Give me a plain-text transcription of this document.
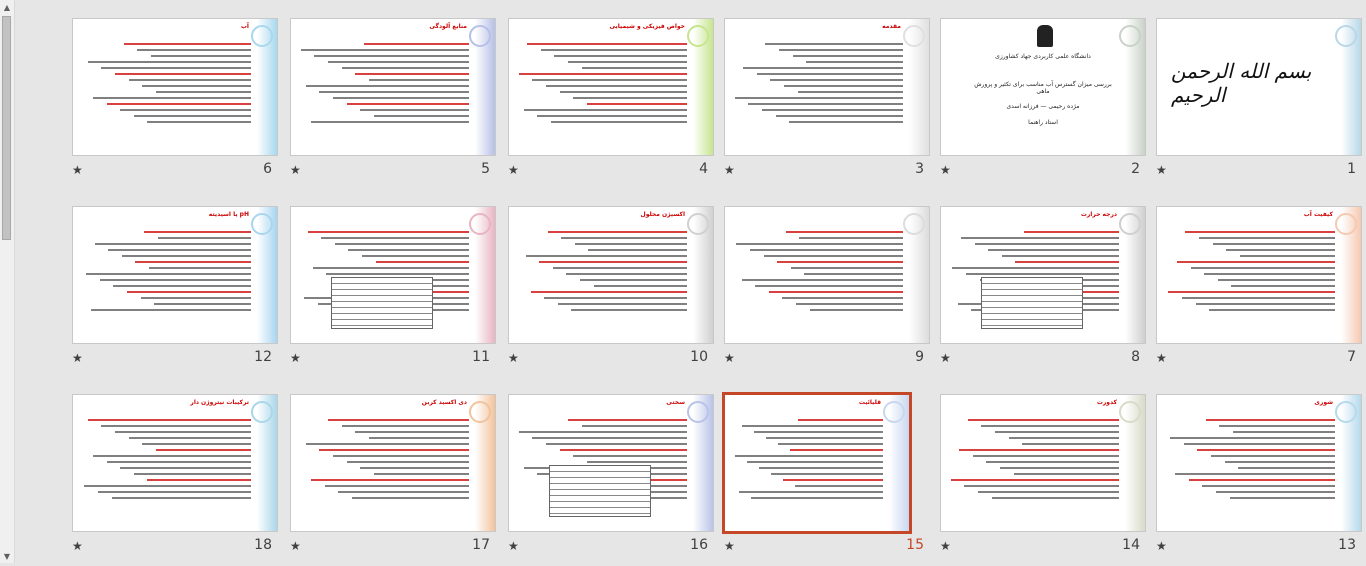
▲
▼
بسم الله الرحمن الرحیم
★	1
دانشگاه علمی کاربردی جهاد کشاورزی
بررسی میزان گسترس آب مناسب برای تکثیر و پرورش ماهی
مژده رحیمی — فرزانه اسدی
استاد راهنما
★	2
مقدمه
★	3
خواص فیزیکی و شیمیایی
★	4
منابع آلودگی
★	5
آب
★	6
کیفیت آب
★	7
درجه حرارت
★	8
★	9
اکسیژن محلول
★	10
★	11
pH یا اسیدیته
★	12
شوری
★	13
کدورت
★	14
قلیائیت
★	15
سختی
★	16
دی اکسید کربن
★	17
ترکیبات نیتروژن دار
★	18
